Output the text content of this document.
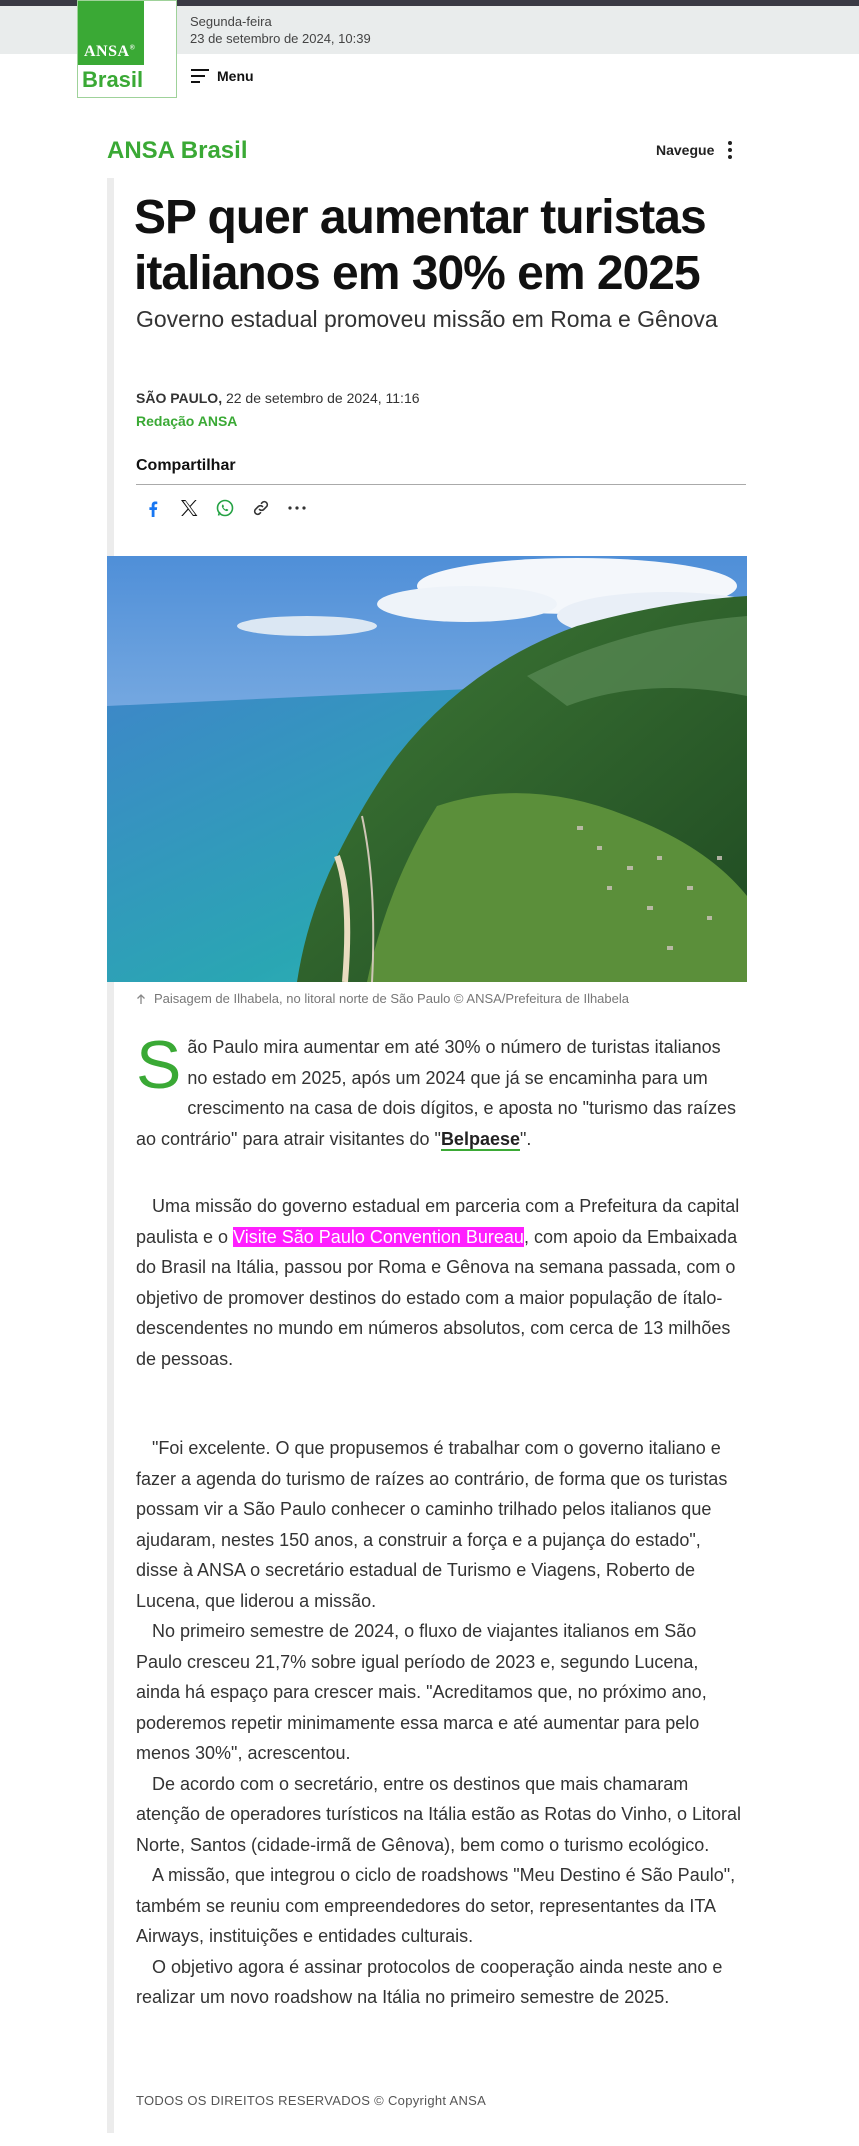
Segunda-feira
23 de setembro de 2024, 10:39
ANSA®
Brasil	Menu
ANSA Brasil	Navegue
SP quer aumentar turistas italianos em 30% em 2025
Governo estadual promoveu missão em Roma e Gênova
SÃO PAULO, 22 de setembro de 2024, 11:16
Redação ANSA
Compartilhar
Paisagem de Ilhabela, no litoral norte de São Paulo © ANSA/Prefeitura de Ilhabela
São Paulo mira aumentar em até 30% o número de turistas italianos no estado em 2025, após um 2024 que já se encaminha para um crescimento na casa de dois dígitos, e aposta no "turismo das raízes ao contrário" para atrair visitantes do "Belpaese".

Uma missão do governo estadual em parceria com a Prefeitura da capital paulista e o Visite São Paulo Convention Bureau, com apoio da Embaixada do Brasil na Itália, passou por Roma e Gênova na semana passada, com o objetivo de promover destinos do estado com a maior população de ítalo-descendentes no mundo em números absolutos, com cerca de 13 milhões de pessoas.

"Foi excelente. O que propusemos é trabalhar com o governo italiano e fazer a agenda do turismo de raízes ao contrário, de forma que os turistas possam vir a São Paulo conhecer o caminho trilhado pelos italianos que ajudaram, nestes 150 anos, a construir a força e a pujança do estado", disse à ANSA o secretário estadual de Turismo e Viagens, Roberto de Lucena, que liderou a missão.

No primeiro semestre de 2024, o fluxo de viajantes italianos em São Paulo cresceu 21,7% sobre igual período de 2023 e, segundo Lucena, ainda há espaço para crescer mais. "Acreditamos que, no próximo ano, poderemos repetir minimamente essa marca e até aumentar para pelo menos 30%", acrescentou.

De acordo com o secretário, entre os destinos que mais chamaram atenção de operadores turísticos na Itália estão as Rotas do Vinho, o Litoral Norte, Santos (cidade-irmã de Gênova), bem como o turismo ecológico.

A missão, que integrou o ciclo de roadshows "Meu Destino é São Paulo", também se reuniu com empreendedores do setor, representantes da ITA Airways, instituições e entidades culturais.

O objetivo agora é assinar protocolos de cooperação ainda neste ano e realizar um novo roadshow na Itália no primeiro semestre de 2025.

TODOS OS DIREITOS RESERVADOS © Copyright ANSA
